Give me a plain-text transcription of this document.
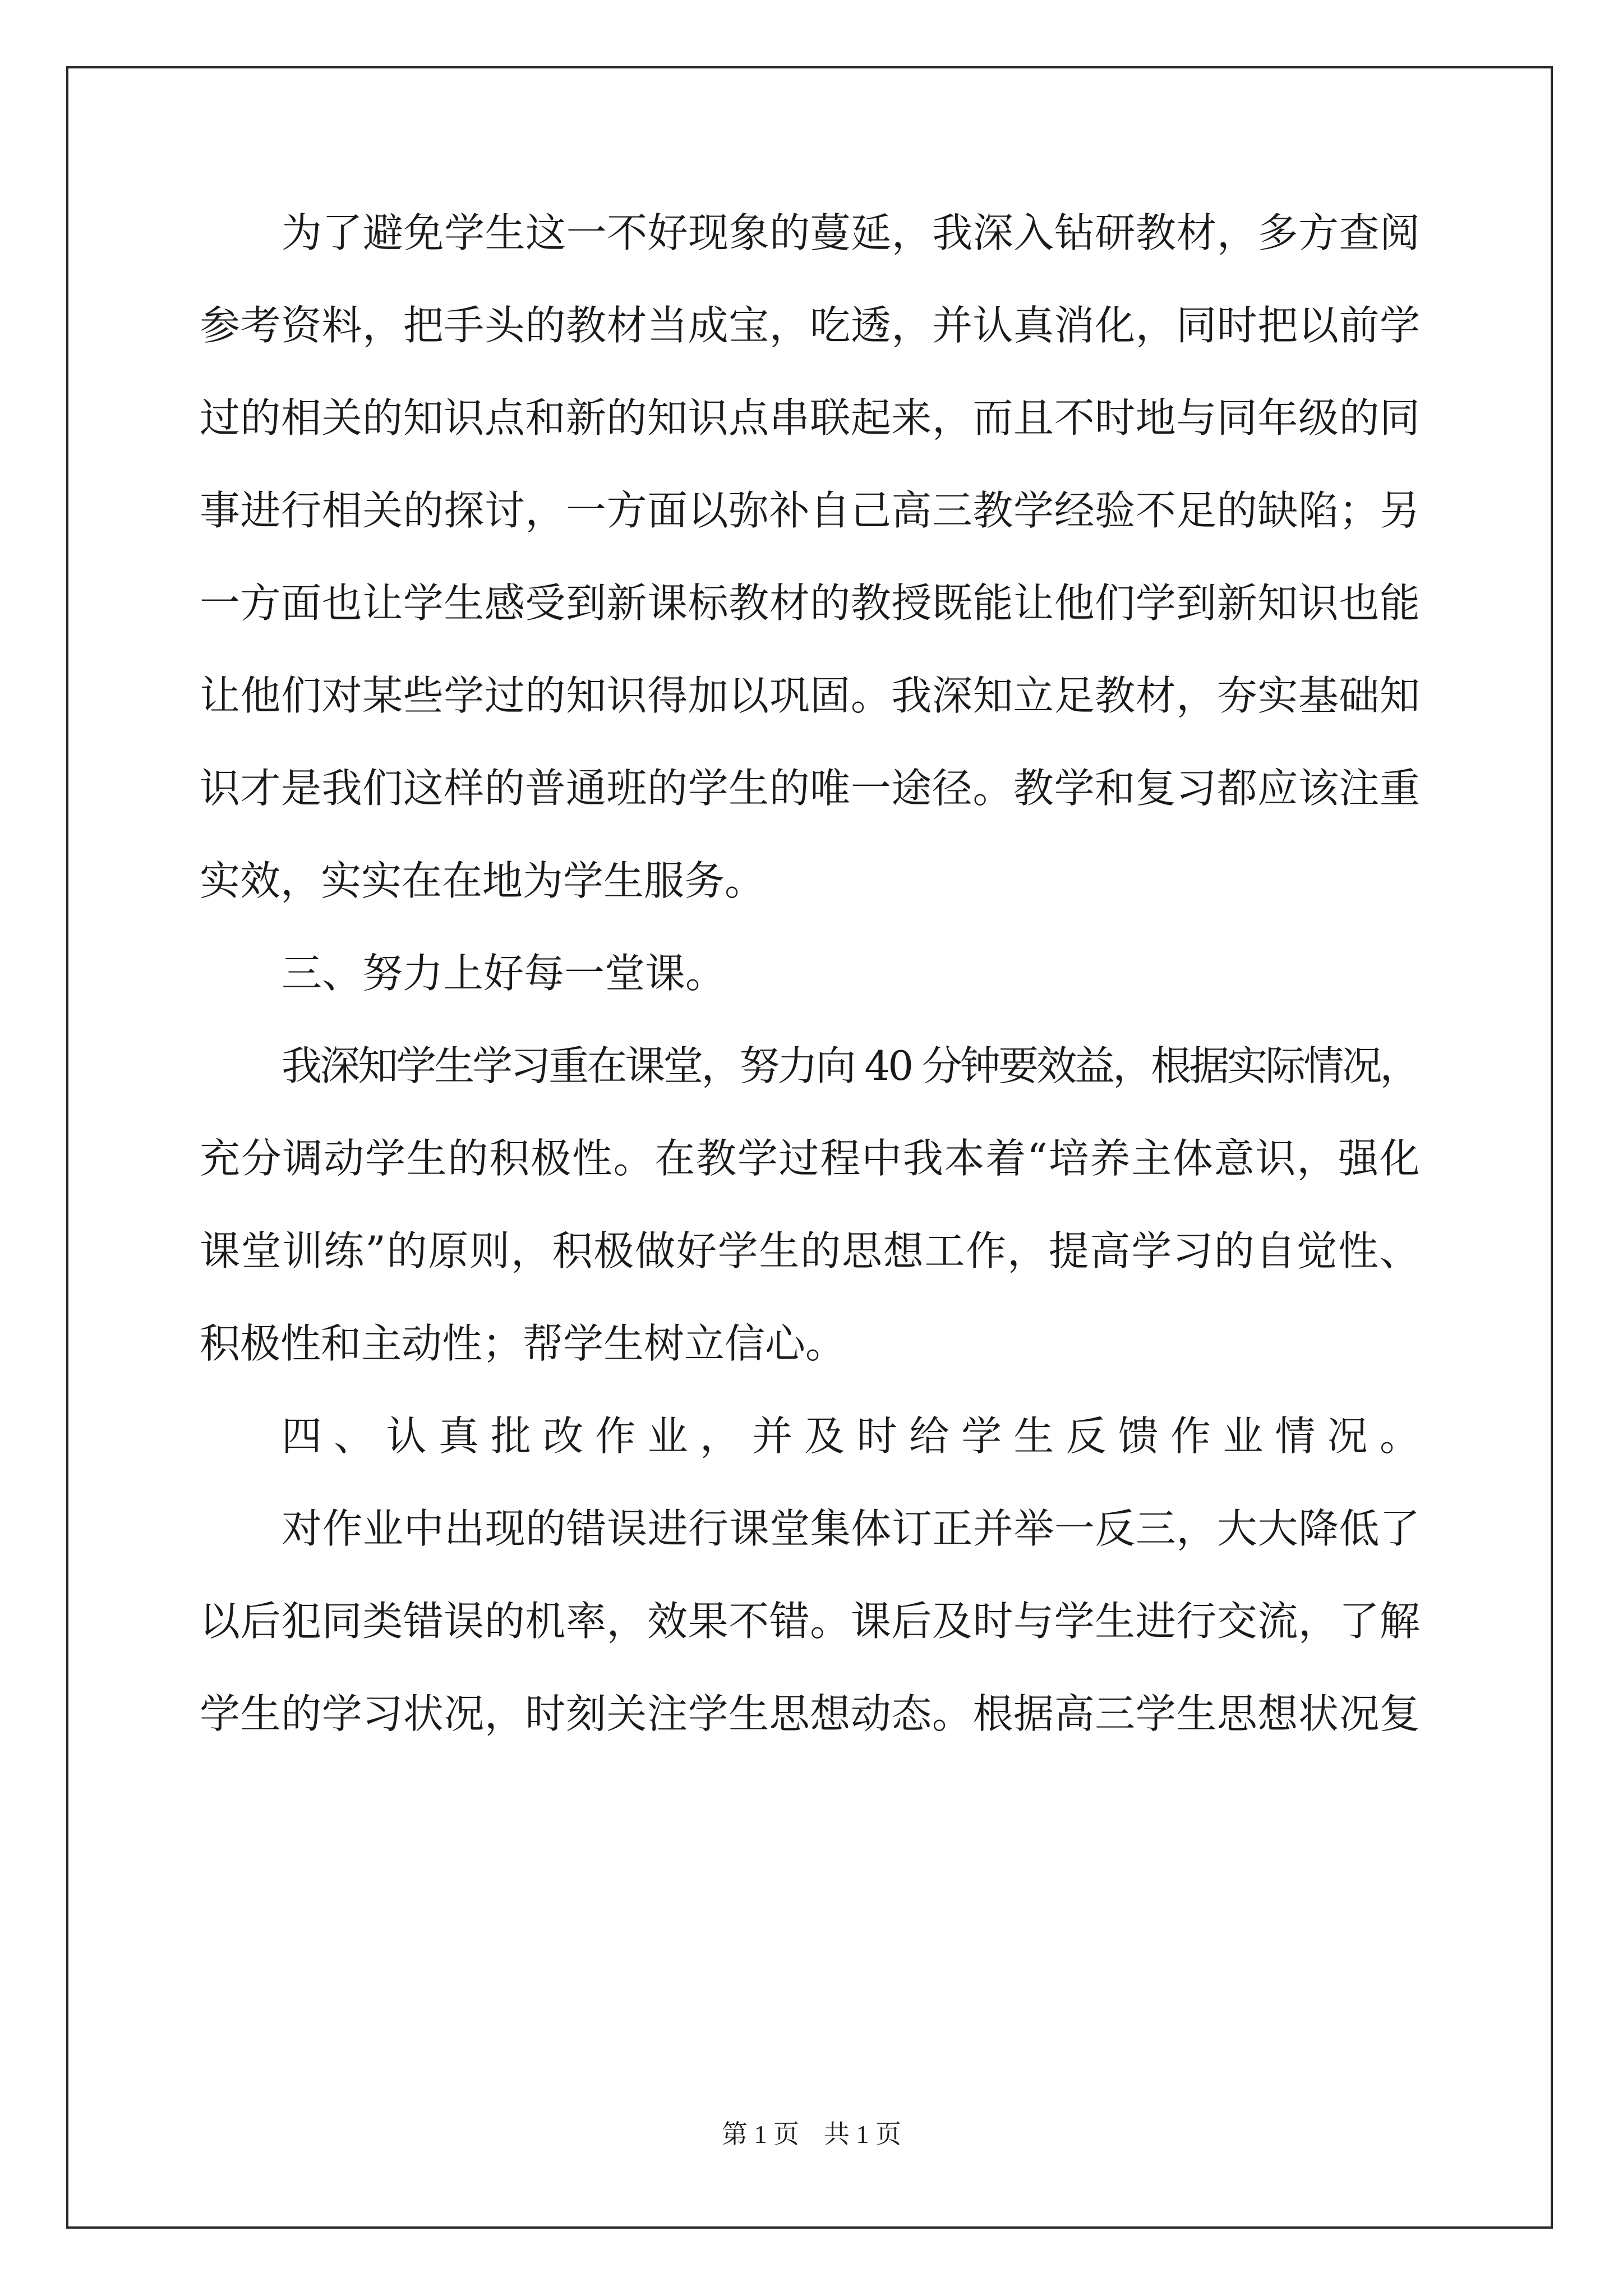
为了避免学生这一不好现象的蔓延，我深入钻研教材，多方查阅
参考资料，把手头的教材当成宝，吃透，并认真消化，同时把以前学
过的相关的知识点和新的知识点串联起来，而且不时地与同年级的同
事进行相关的探讨，一方面以弥补自己高三教学经验不足的缺陷；另
一方面也让学生感受到新课标教材的教授既能让他们学到新知识也能
让他们对某些学过的知识得加以巩固。我深知立足教材，夯实基础知
识才是我们这样的普通班的学生的唯一途径。教学和复习都应该注重
实效，实实在在地为学生服务。
三、努力上好每一堂课。
我深知学生学习重在课堂，努力向 40 分钟要效益，根据实际情况，
充分调动学生的积极性。在教学过程中我本着“培养主体意识，强化
课堂训练”的原则，积极做好学生的思想工作，提高学习的自觉性、
积极性和主动性；帮学生树立信心。
四、认真批改作业，并及时给学生反馈作业情况。
对作业中出现的错误进行课堂集体订正并举一反三，大大降低了
以后犯同类错误的机率，效果不错。课后及时与学生进行交流，了解
学生的学习状况，时刻关注学生思想动态。根据高三学生思想状况复
第 1 页 共 1 页
